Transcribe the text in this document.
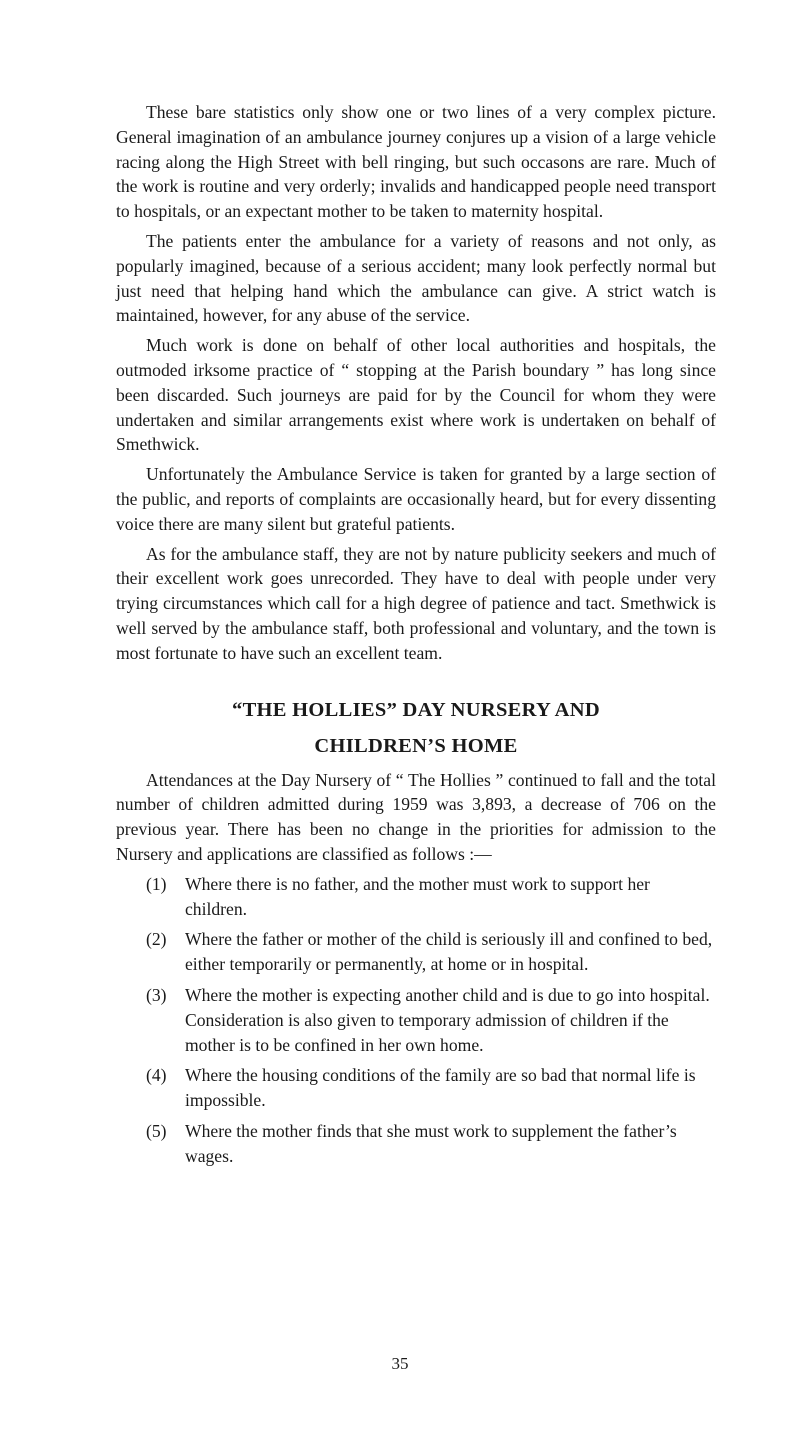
These bare statistics only show one or two lines of a very complex picture. General imagination of an ambulance journey conjures up a vision of a large vehicle racing along the High Street with bell ringing, but such occasons are rare. Much of the work is routine and very orderly; invalids and handicapped people need transport to hospitals, or an expectant mother to be taken to maternity hospital.

The patients enter the ambulance for a variety of reasons and not only, as popularly imagined, because of a serious accident; many look perfectly normal but just need that helping hand which the ambulance can give. A strict watch is maintained, however, for any abuse of the service.

Much work is done on behalf of other local authorities and hospitals, the outmoded irksome practice of “ stopping at the Parish boundary ” has long since been discarded. Such journeys are paid for by the Council for whom they were undertaken and similar arrangements exist where work is undertaken on behalf of Smethwick.

Unfortunately the Ambulance Service is taken for granted by a large section of the public, and reports of complaints are occasionally heard, but for every dissenting voice there are many silent but grateful patients.

As for the ambulance staff, they are not by nature publicity seekers and much of their excellent work goes unrecorded. They have to deal with people under very trying circumstances which call for a high degree of patience and tact. Smethwick is well served by the ambulance staff, both professional and voluntary, and the town is most fortunate to have such an excellent team.

“THE HOLLIES” DAY NURSERY AND
CHILDREN’S HOME

Attendances at the Day Nursery of “ The Hollies ” continued to fall and the total number of children admitted during 1959 was 3,893, a decrease of 706 on the previous year. There has been no change in the priorities for admission to the Nursery and applications are classified as follows :—

(1)	Where there is no father, and the mother must work to support her children.
(2)	Where the father or mother of the child is seriously ill and confined to bed, either temporarily or permanently, at home or in hospital.
(3)	Where the mother is expecting another child and is due to go into hospital. Consideration is also given to temporary admission of children if the mother is to be confined in her own home.
(4)	Where the housing conditions of the family are so bad that normal life is impossible.
(5)	Where the mother finds that she must work to supplement the father’s wages.
35
